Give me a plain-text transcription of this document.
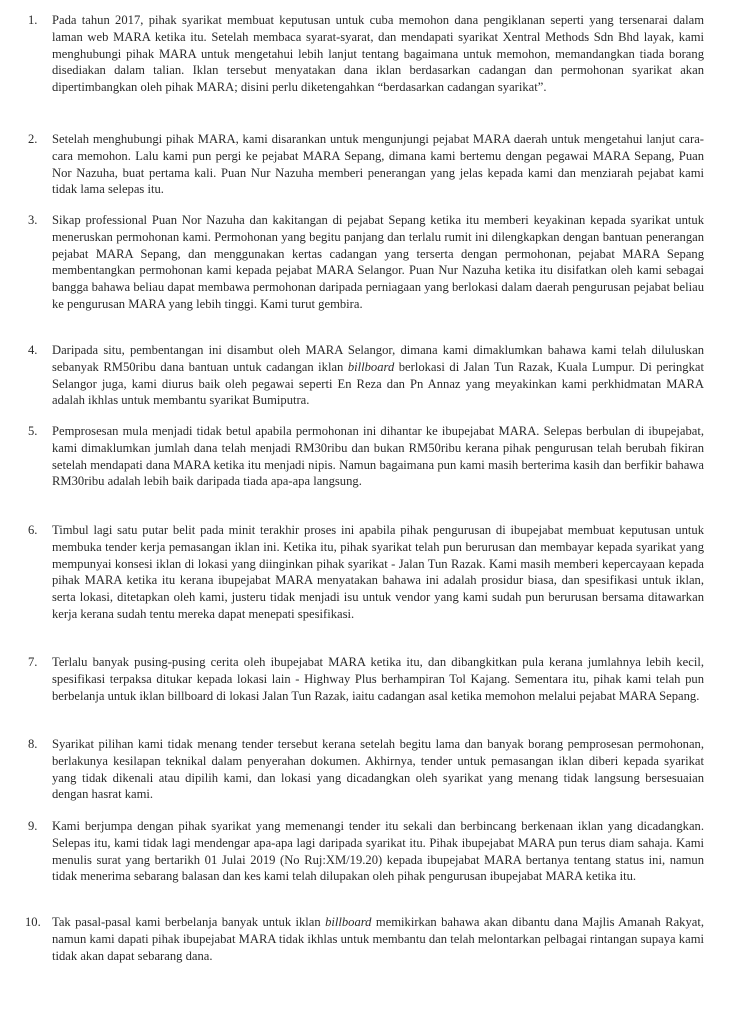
1. Pada tahun 2017, pihak syarikat membuat keputusan untuk cuba memohon dana pengiklanan seperti yang tersenarai dalam laman web MARA ketika itu. Setelah membaca syarat-syarat, dan mendapati syarikat Xentral Methods Sdn Bhd layak, kami menghubungi pihak MARA untuk mengetahui lebih lanjut tentang bagaimana untuk memohon, memandangkan tiada borang disediakan dalam talian. Iklan tersebut menyatakan dana iklan berdasarkan cadangan dan permohonan syarikat akan dipertimbangkan oleh pihak MARA; disini perlu diketengahkan “berdasarkan cadangan syarikat”.
2. Setelah menghubungi pihak MARA, kami disarankan untuk mengunjungi pejabat MARA daerah untuk mengetahui lanjut cara-cara memohon. Lalu kami pun pergi ke pejabat MARA Sepang, dimana kami bertemu dengan pegawai MARA Sepang, Puan Nor Nazuha, buat pertama kali. Puan Nur Nazuha memberi penerangan yang jelas kepada kami dan menziarah pejabat kami tidak lama selepas itu.
3. Sikap professional Puan Nor Nazuha dan kakitangan di pejabat Sepang ketika itu memberi keyakinan kepada syarikat untuk meneruskan permohonan kami. Permohonan yang begitu panjang dan terlalu rumit ini dilengkapkan dengan bantuan penerangan pejabat MARA Sepang, dan menggunakan kertas cadangan yang terserta dengan permohonan, pejabat MARA Sepang membentangkan permohonan kami kepada pejabat MARA Selangor. Puan Nur Nazuha ketika itu disifatkan oleh kami sebagai bangga bahawa beliau dapat membawa permohonan daripada perniagaan yang berlokasi dalam daerah pengurusan pejabat beliau ke pengurusan MARA yang lebih tinggi. Kami turut gembira.
4. Daripada situ, pembentangan ini disambut oleh MARA Selangor, dimana kami dimaklumkan bahawa kami telah diluluskan sebanyak RM50ribu dana bantuan untuk cadangan iklan billboard berlokasi di Jalan Tun Razak, Kuala Lumpur. Di peringkat Selangor juga, kami diurus baik oleh pegawai seperti En Reza dan Pn Annaz yang meyakinkan kami perkhidmatan MARA adalah ikhlas untuk membantu syarikat Bumiputra.
5. Pemprosesan mula menjadi tidak betul apabila permohonan ini dihantar ke ibupejabat MARA. Selepas berbulan di ibupejabat, kami dimaklumkan jumlah dana telah menjadi RM30ribu dan bukan RM50ribu kerana pihak pengurusan telah berubah fikiran setelah mendapati dana MARA ketika itu menjadi nipis. Namun bagaimana pun kami masih berterima kasih dan berfikir bahawa RM30ribu adalah lebih baik daripada tiada apa-apa langsung.
6. Timbul lagi satu putar belit pada minit terakhir proses ini apabila pihak pengurusan di ibupejabat membuat keputusan untuk membuka tender kerja pemasangan iklan ini. Ketika itu, pihak syarikat telah pun berurusan dan membayar kepada syarikat yang mempunyai konsesi iklan di lokasi yang diinginkan pihak syarikat - Jalan Tun Razak. Kami masih memberi kepercayaan kepada pihak MARA ketika itu kerana ibupejabat MARA menyatakan bahawa ini adalah prosidur biasa, dan spesifikasi untuk iklan, serta lokasi, ditetapkan oleh kami, justeru tidak menjadi isu untuk vendor yang kami sudah pun berurusan bersama ditawarkan kerja kerana sudah tentu mereka dapat menepati spesifikasi.
7. Terlalu banyak pusing-pusing cerita oleh ibupejabat MARA ketika itu, dan dibangkitkan pula kerana jumlahnya lebih kecil, spesifikasi terpaksa ditukar kepada lokasi lain - Highway Plus berhampiran Tol Kajang. Sementara itu, pihak kami telah pun berbelanja untuk iklan billboard di lokasi Jalan Tun Razak, iaitu cadangan asal ketika memohon melalui pejabat MARA Sepang.
8. Syarikat pilihan kami tidak menang tender tersebut kerana setelah begitu lama dan banyak borang pemprosesan permohonan, berlakunya kesilapan teknikal dalam penyerahan dokumen. Akhirnya, tender untuk pemasangan iklan diberi kepada syarikat yang tidak dikenali atau dipilih kami, dan lokasi yang dicadangkan oleh syarikat yang menang tidak langsung bersesuaian dengan hasrat kami.
9. Kami berjumpa dengan pihak syarikat yang memenangi tender itu sekali dan berbincang berkenaan iklan yang dicadangkan. Selepas itu, kami tidak lagi mendengar apa-apa lagi daripada syarikat itu. Pihak ibupejabat MARA pun terus diam sahaja. Kami menulis surat yang bertarikh 01 Julai 2019 (No Ruj:XM/19.20) kepada ibupejabat MARA bertanya tentang status ini, namun tidak menerima sebarang balasan dan kes kami telah dilupakan oleh pihak pengurusan ibupejabat MARA ketika itu.
10. Tak pasal-pasal kami berbelanja banyak untuk iklan billboard memikirkan bahawa akan dibantu dana Majlis Amanah Rakyat, namun kami dapati pihak ibupejabat MARA tidak ikhlas untuk membantu dan telah melontarkan pelbagai rintangan supaya kami tidak akan dapat sebarang dana.
